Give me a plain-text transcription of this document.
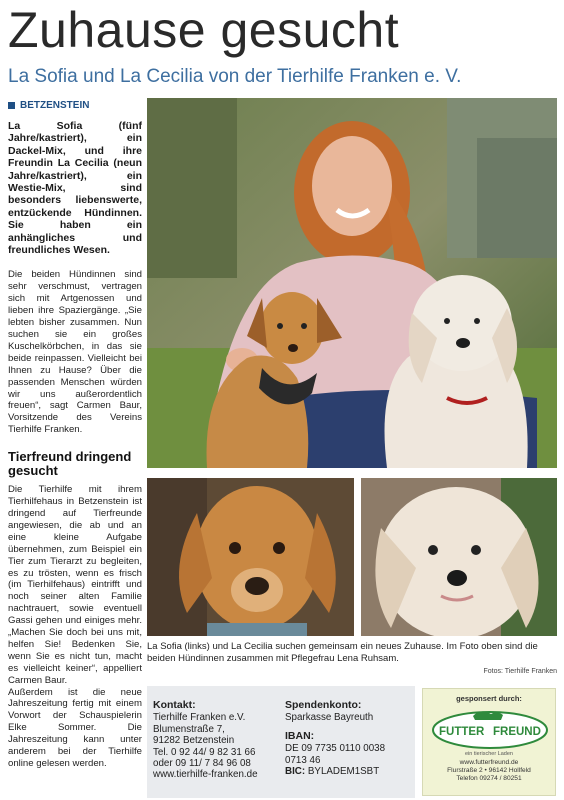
Zuhause gesucht
La Sofia und La Cecilia von der Tierhilfe Franken e. V.
BETZENSTEIN

La Sofia (fünf Jahre/kastriert), ein Dackel-Mix, und ihre Freundin La Cecilia (neun Jahre/kastriert), ein Westie-Mix, sind besonders liebenswerte, entzückende Hündinnen. Sie haben ein anhängliches und freundliches Wesen.

Die beiden Hündinnen sind sehr verschmust, vertragen sich mit Artgenossen und lieben ihre Spaziergänge. „Sie lebten bisher zusammen. Nun suchen sie ein großes Kuschelkörbchen, in das sie beide reinpassen. Vielleicht bei Ihnen zu Hause? Über die passenden Menschen würden wir uns außerordentlich freuen“, sagt Carmen Baur, Vorsitzende des Vereins Tierhilfe Franken.

Tierfreund dringend gesucht

Die Tierhilfe mit ihrem Tierhilfehaus in Betzenstein ist dringend auf Tierfreunde angewiesen, die ab und an eine kleine Aufgabe übernehmen, zum Beispiel ein Tier zum Tierarzt zu begleiten, es zu trösten, wenn es frisch (im Tierhilfehaus) eintrifft und noch seiner alten Familie nachtrauert, sowie eventuell Gassi gehen und einiges mehr. „Machen Sie doch bei uns mit, helfen Sie! Bedenken Sie, wenn Sie es nicht tun, macht es vielleicht keiner“, appelliert Carmen Baur.

Außerdem ist die neue Jahreszeitung fertig mit einem Vorwort der Schauspielerin Elke Sommer. Die Jahreszeitung kann unter anderem bei der Tierhilfe online gelesen werden.

La Sofia (links) und La Cecilia suchen gemeinsam ein neues Zuhause. Im Foto oben sind die beiden Hündinnen zusammen mit Pflegefrau Lena Ruhsam.

Fotos: Tierhilfe Franken
Kontakt:
Tierhilfe Franken e.V.
Blumenstraße 7,
91282 Betzenstein
Tel. 0 92 44/ 9 82 31 66
oder 09 11/ 7 84 96 08
www.tierhilfe-franken.de
Spendenkonto:
Sparkasse Bayreuth
IBAN:
DE 09 7735 0110 0038
0713 46
BIC: BYLADEM1SBT
gesponsert durch:
FUTTER FREUND
ein tierischer Laden
www.futterfreund.de
Flurstraße 2 • 96142 Hollfeld
Telefon 09274 / 80251
